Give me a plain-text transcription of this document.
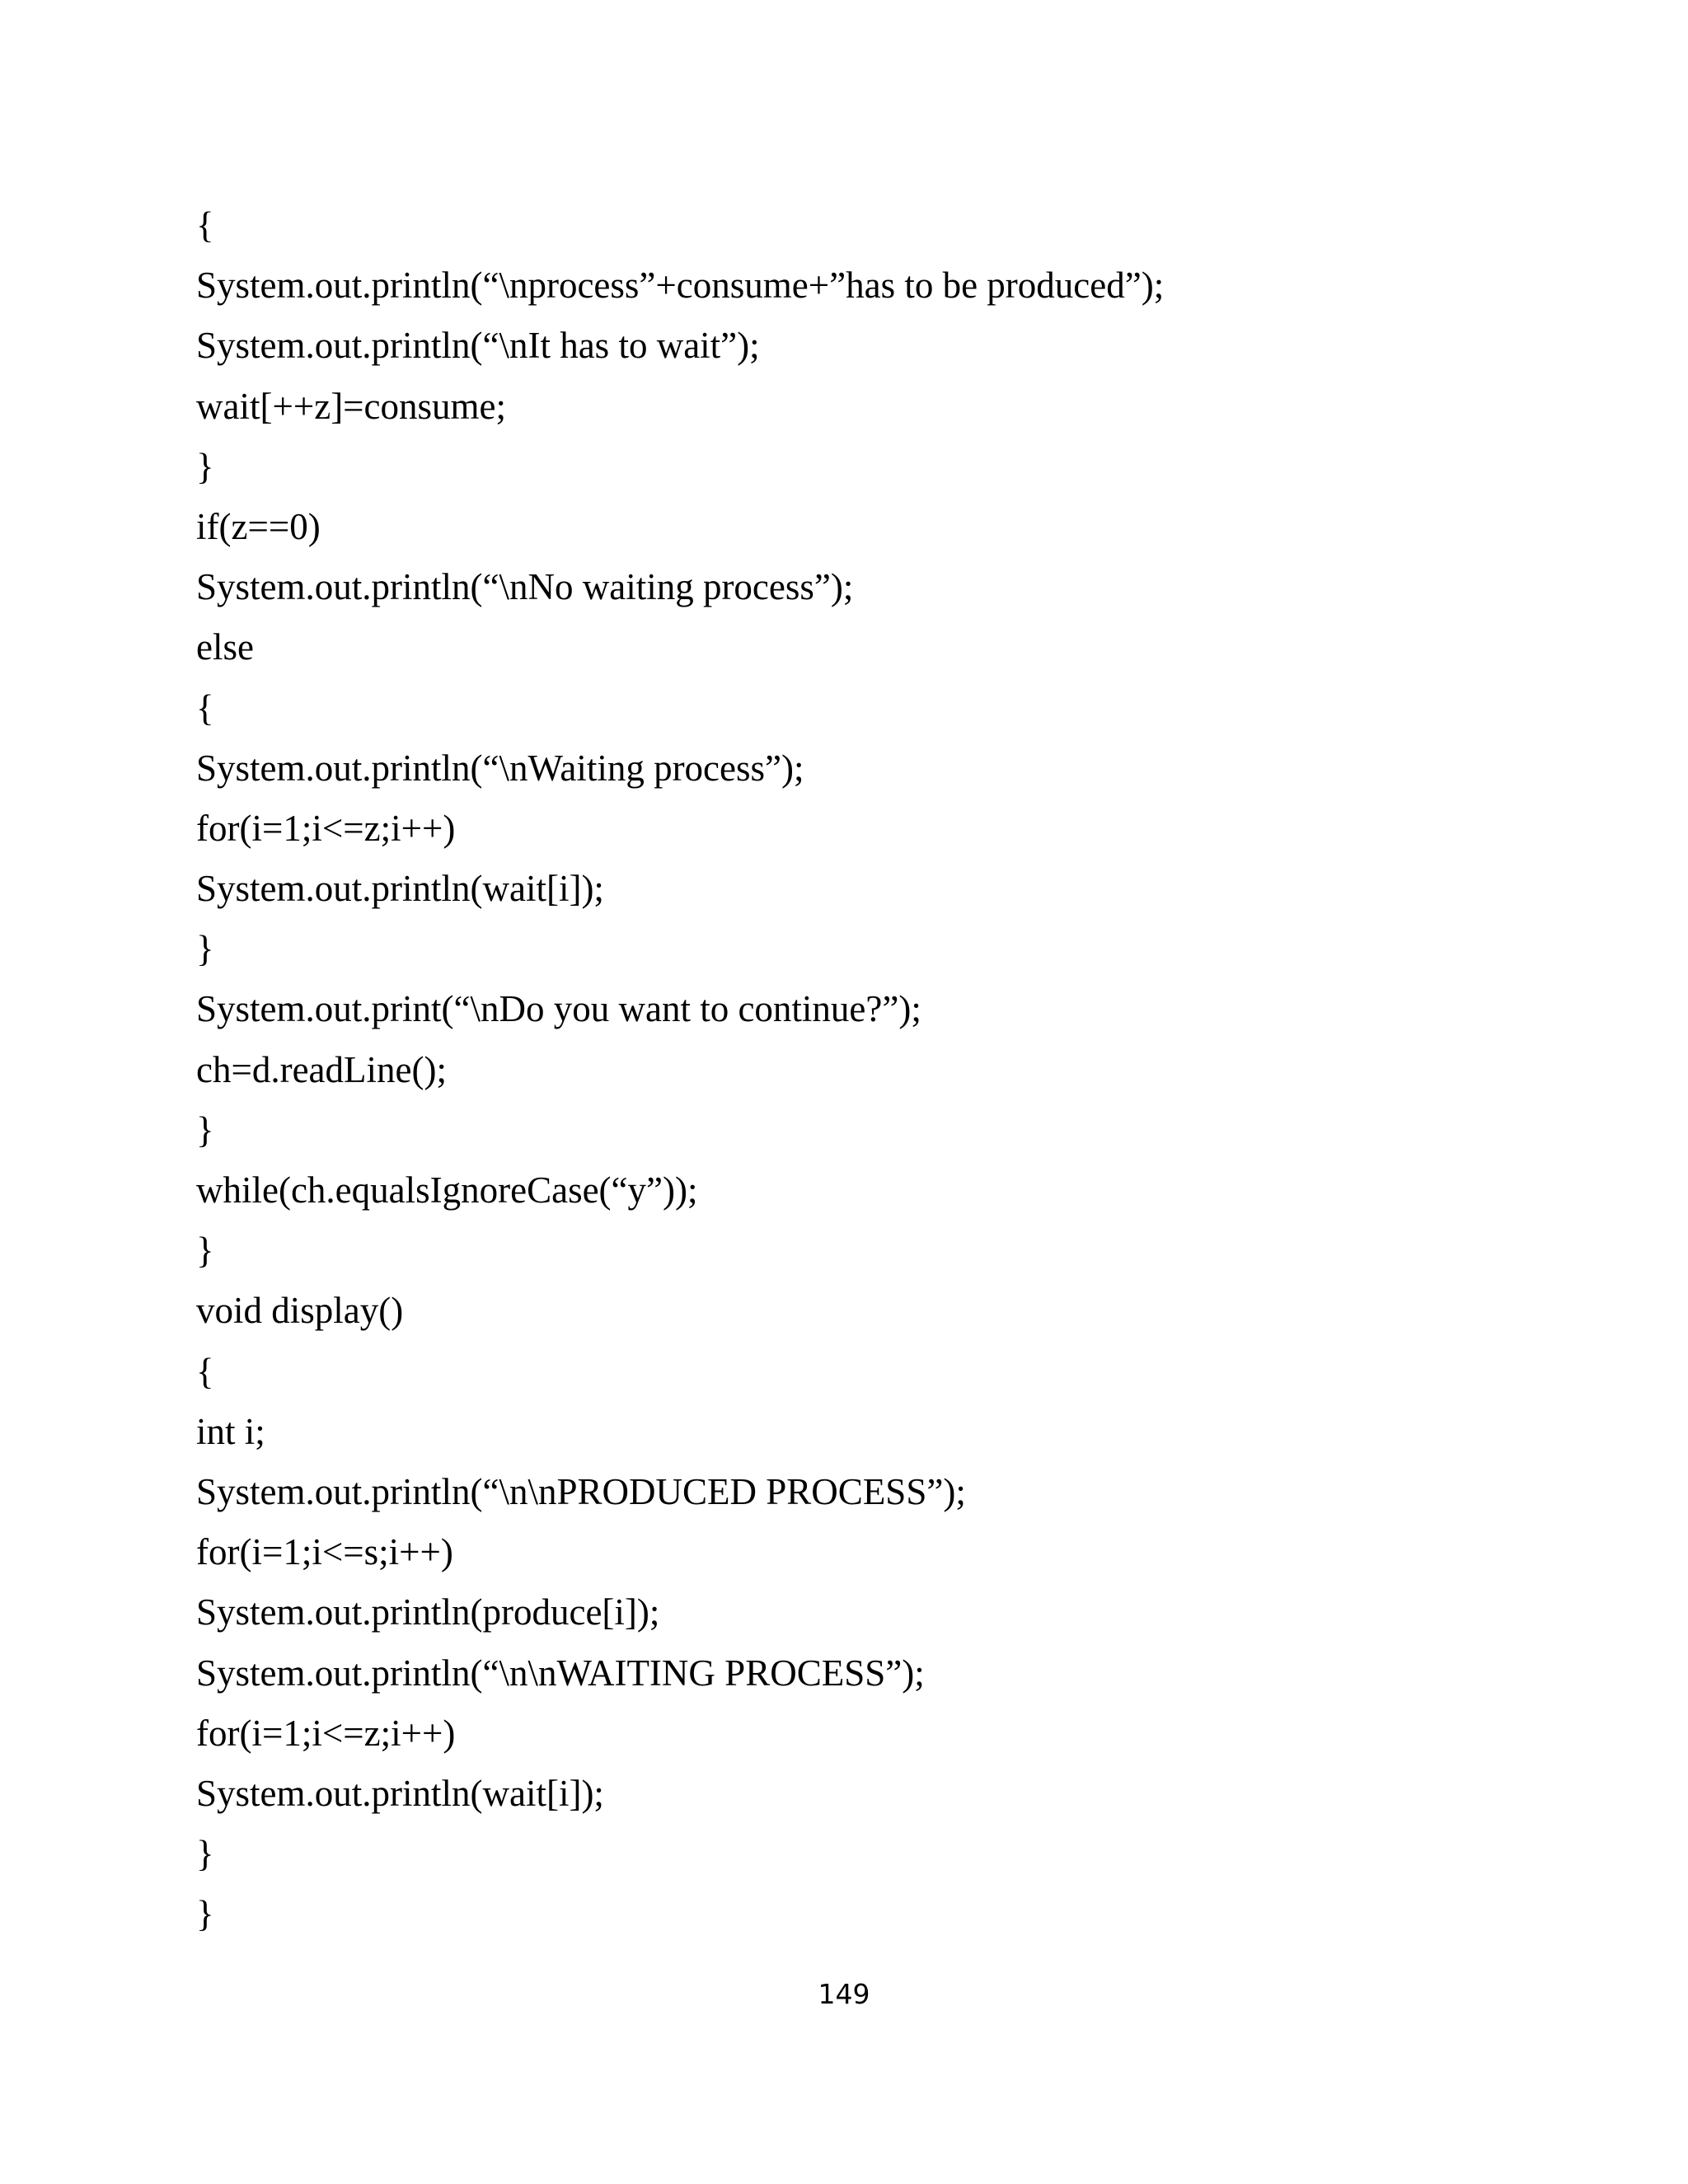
{
System.out.println(“\nprocess”+consume+”has to be produced”);
System.out.println(“\nIt has to wait”);
wait[++z]=consume;
}
if(z==0)
System.out.println(“\nNo waiting process”);
else
{
System.out.println(“\nWaiting process”);
for(i=1;i<=z;i++)
System.out.println(wait[i]);
}
System.out.print(“\nDo you want to continue?”);
ch=d.readLine();
}
while(ch.equalsIgnoreCase(“y”));
}
void display()
{
int i;
System.out.println(“\n\nPRODUCED PROCESS”);
for(i=1;i<=s;i++)
System.out.println(produce[i]);
System.out.println(“\n\nWAITING PROCESS”);
for(i=1;i<=z;i++)
System.out.println(wait[i]);
}
}
149
